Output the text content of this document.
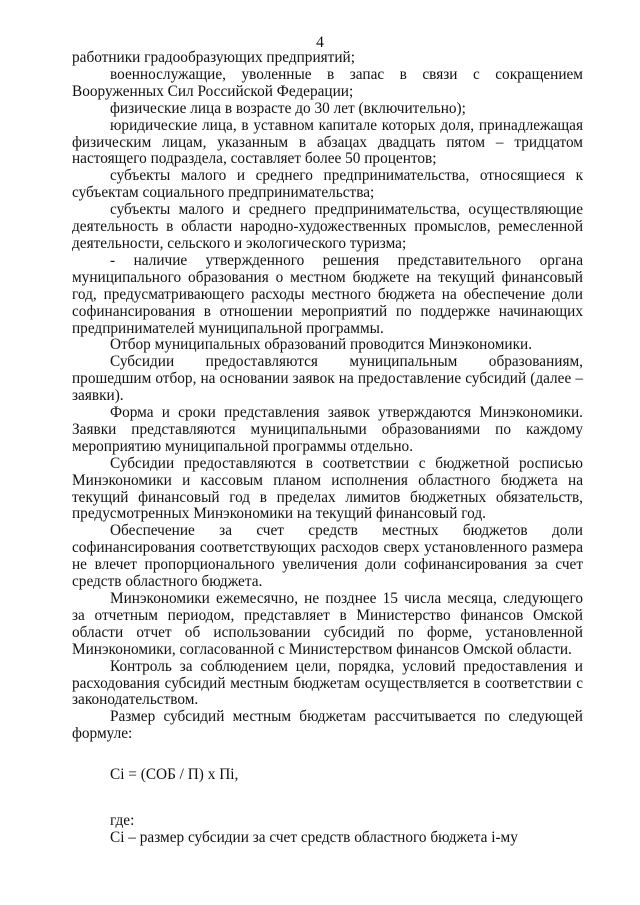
4

работники градообразующих предприятий;

военнослужащие, уволенные в запас в связи с сокращением Вооруженных Сил Российской Федерации;

физические лица в возрасте до 30 лет (включительно);

юридические лица, в уставном капитале которых доля, принадлежащая физическим лицам, указанным в абзацах двадцать пятом – тридцатом настоящего подраздела, составляет более 50 процентов;

субъекты малого и среднего предпринимательства, относящиеся к субъектам социального предпринимательства;

субъекты малого и среднего предпринимательства, осуществляющие деятельность в области народно-художественных промыслов, ремесленной деятельности, сельского и экологического туризма;

- наличие утвержденного решения представительного органа муниципального образования о местном бюджете на текущий финансовый год, предусматривающего расходы местного бюджета на обеспечение доли софинансирования в отношении мероприятий по поддержке начинающих предпринимателей муниципальной программы.

Отбор муниципальных образований проводится Минэкономики.

Субсидии предоставляются муниципальным образованиям, прошедшим отбор, на основании заявок на предоставление субсидий (далее – заявки).

Форма и сроки представления заявок утверждаются Минэкономики. Заявки представляются муниципальными образованиями по каждому мероприятию муниципальной программы отдельно.

Субсидии предоставляются в соответствии с бюджетной росписью Минэкономики и кассовым планом исполнения областного бюджета на текущий финансовый год в пределах лимитов бюджетных обязательств, предусмотренных Минэкономики на текущий финансовый год.

Обеспечение за счет средств местных бюджетов доли софинансирования соответствующих расходов сверх установленного размера не влечет пропорционального увеличения доли софинансирования за счет средств областного бюджета.

Минэкономики ежемесячно, не позднее 15 числа месяца, следующего за отчетным периодом, представляет в Министерство финансов Омской области отчет об использовании субсидий по форме, установленной Минэкономики, согласованной с Министерством финансов Омской области.

Контроль за соблюдением цели, порядка, условий предоставления и расходования субсидий местным бюджетам осуществляется в соответствии с законодательством.

Размер субсидий местным бюджетам рассчитывается по следующей формуле:

Ci = (СОБ / П) x Пi,

где:

Ci – размер субсидии за счет средств областного бюджета i-му
